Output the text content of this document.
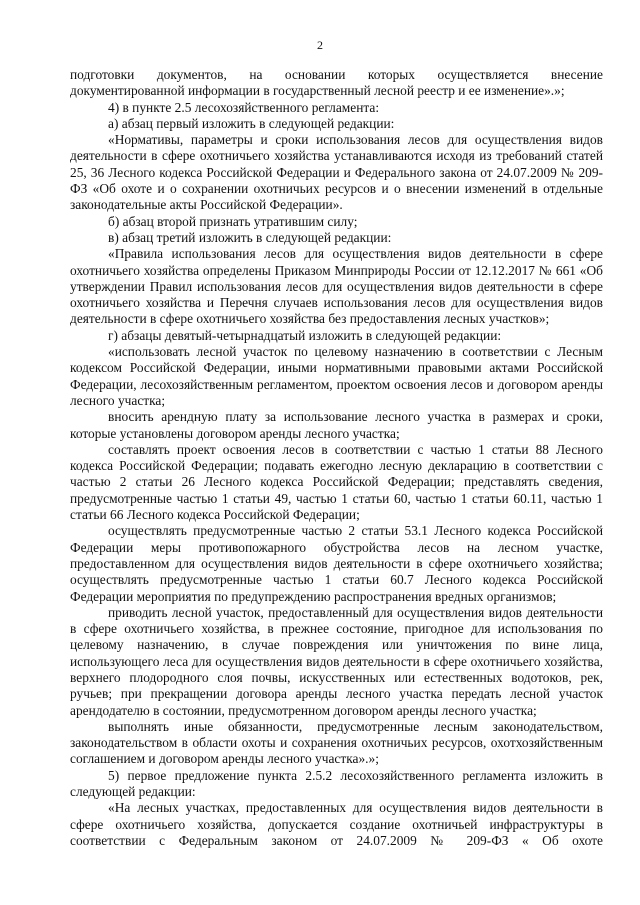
2

подготовки документов, на основании которых осуществляется внесение документированной информации в государственный лесной реестр и ее изменение».»;

4) в пункте 2.5 лесохозяйственного регламента:

а) абзац первый изложить в следующей редакции:

«Нормативы, параметры и сроки использования лесов для осуществления видов деятельности в сфере охотничьего хозяйства устанавливаются исходя из требований статей 25, 36 Лесного кодекса Российской Федерации и Федерального закона от 24.07.2009 № 209-ФЗ «Об охоте и о сохранении охотничьих ресурсов и о внесении изменений в отдельные законодательные акты Российской Федерации».

б) абзац второй признать утратившим силу;

в) абзац третий изложить в следующей редакции:

«Правила использования лесов для осуществления видов деятельности в сфере охотничьего хозяйства определены Приказом Минприроды России от 12.12.2017 № 661 «Об утверждении Правил использования лесов для осуществления видов деятельности в сфере охотничьего хозяйства и Перечня случаев использования лесов для осуществления видов деятельности в сфере охотничьего хозяйства без предоставления лесных участков»;

г) абзацы девятый-четырнадцатый изложить в следующей редакции:

«использовать лесной участок по целевому назначению в соответствии с Лесным кодексом Российской Федерации, иными нормативными правовыми актами Российской Федерации, лесохозяйственным регламентом, проектом освоения лесов и договором аренды лесного участка;

вносить арендную плату за использование лесного участка в размерах и сроки, которые установлены договором аренды лесного участка;

составлять проект освоения лесов в соответствии с частью 1 статьи 88 Лесного кодекса Российской Федерации; подавать ежегодно лесную декларацию в соответствии с частью 2 статьи 26 Лесного кодекса Российской Федерации; представлять сведения, предусмотренные частью 1 статьи 49, частью 1 статьи 60, частью 1 статьи 60.11, частью 1 статьи 66 Лесного кодекса Российской Федерации;

осуществлять предусмотренные частью 2 статьи 53.1 Лесного кодекса Российской Федерации меры противопожарного обустройства лесов на лесном участке, предоставленном для осуществления видов деятельности в сфере охотничьего хозяйства; осуществлять предусмотренные частью 1 статьи 60.7 Лесного кодекса Российской Федерации мероприятия по предупреждению распространения вредных организмов;

приводить лесной участок, предоставленный для осуществления видов деятельности в сфере охотничьего хозяйства, в прежнее состояние, пригодное для использования по целевому назначению, в случае повреждения или уничтожения по вине лица, использующего леса для осуществления видов деятельности в сфере охотничьего хозяйства, верхнего плодородного слоя почвы, искусственных или естественных водотоков, рек, ручьев; при прекращении договора аренды лесного участка передать лесной участок арендодателю в состоянии, предусмотренном договором аренды лесного участка;

выполнять иные обязанности, предусмотренные лесным законодательством, законодательством в области охоты и сохранения охотничьих ресурсов, охотхозяйственным соглашением и договором аренды лесного участка».»;

5) первое предложение пункта 2.5.2 лесохозяйственного регламента изложить в следующей редакции:

«На лесных участках, предоставленных для осуществления видов деятельности в сфере охотничьего хозяйства, допускается создание охотничьей инфраструктуры в соответствии с Федеральным законом от 24.07.2009 № 209-ФЗ « Об охоте
